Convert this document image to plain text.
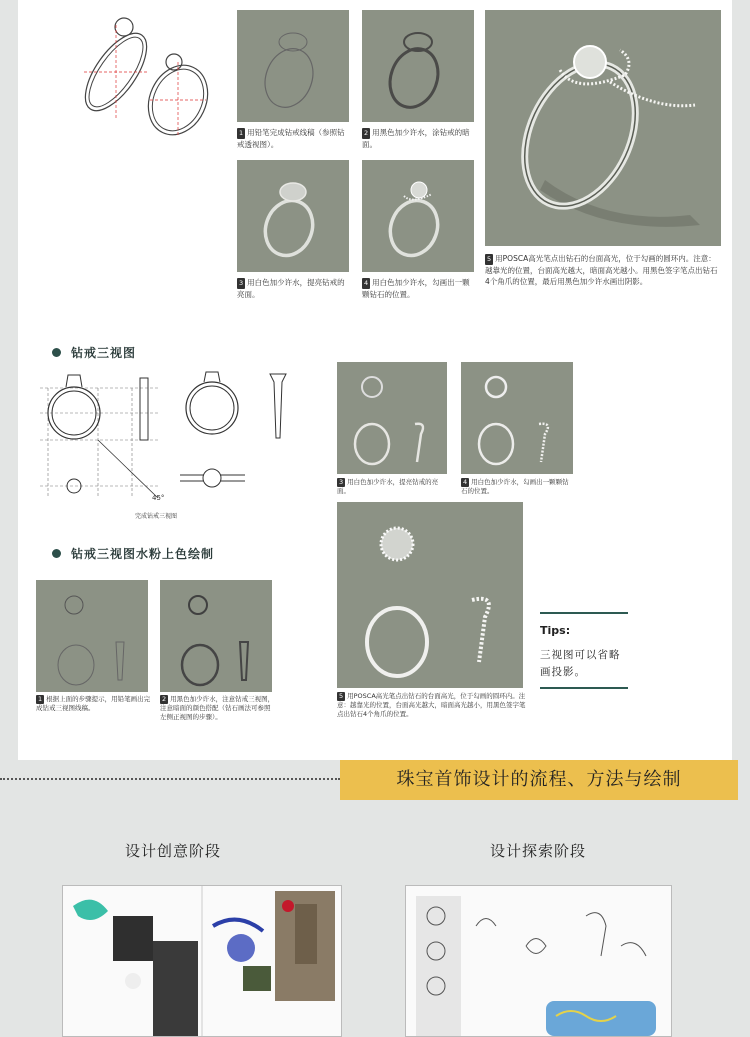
1 用铅笔完成钻戒线稿（参照钻戒透视图）。
2 用黑色加少许水，涂钻戒的暗面。
3 用白色加少许水，提亮钻戒的亮面。
4 用白色加少许水，勾画出一颗颗钻石的位置。
5 用POSCA高光笔点出钻石的台面高光，位于勾画的圆环内。注意：越靠光的位置，台面高光越大，暗面高光越小。用黑色签字笔点出钻石4个角爪的位置，最后用黑色加少许水画出阴影。
钻戒三视图
45°
完成钻戒三视图
3 用白色加少许水，提亮钻戒的亮面。
4 用白色加少许水，勾画出一颗颗钻石的位置。
5 用POSCA高光笔点出钻石的台面高光，位于勾画的圆环内。注意：越靠光的位置，台面高光越大，暗面高光越小，用黑色签字笔点出钻石4个角爪的位置。
Tips:
三视图可以省略画投影。
钻戒三视图水粉上色绘制
1 根据上面的步骤提示，用铅笔画出完成钻戒三视图线稿。
2 用黑色加少许水，注意钻戒三视图，注意暗面的颜色搭配（钻石画法可参照左侧正视图的步骤）。
珠宝首饰设计的流程、方法与绘制
设计创意阶段	设计探索阶段
